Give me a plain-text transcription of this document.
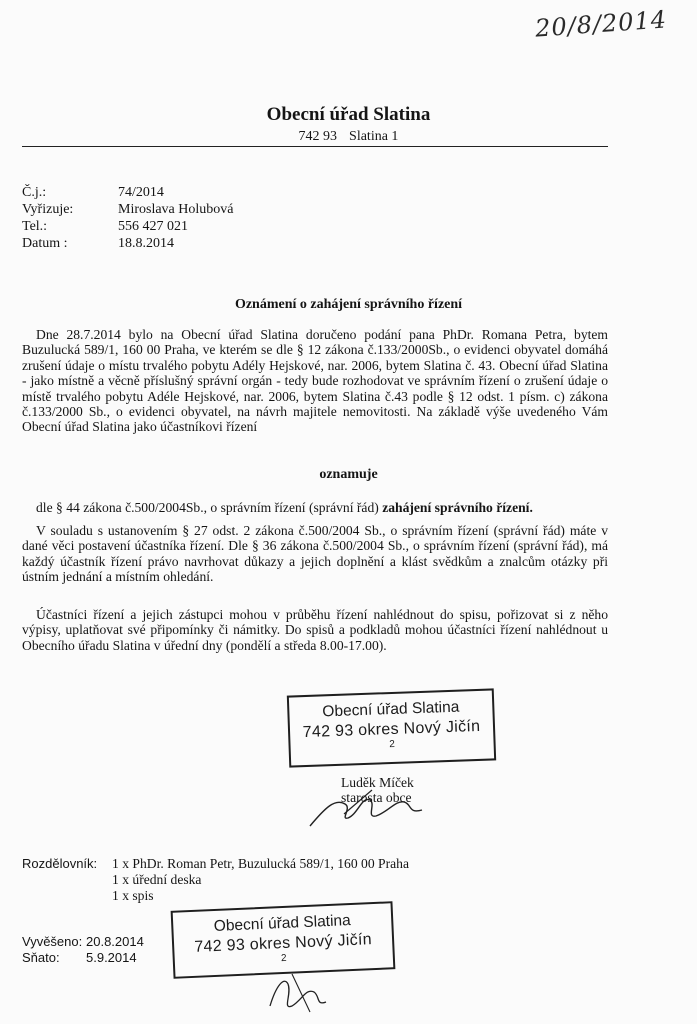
20/8/2014
Obecní úřad Slatina
742 93 Slatina 1
Č.j.:	74/2014
Vyřizuje:	Miroslava Holubová
Tel.:	556 427 021
Datum :	18.8.2014
Oznámení o zahájení správního řízení
Dne 28.7.2014 bylo na Obecní úřad Slatina doručeno podání pana PhDr. Romana Petra, bytem Buzulucká 589/1, 160 00 Praha, ve kterém se dle § 12 zákona č.133/2000Sb., o evidenci obyvatel domáhá zrušení údaje o místu trvalého pobytu Adély Hejskové, nar. 2006, bytem Slatina č. 43. Obecní úřad Slatina - jako místně a věcně příslušný správní orgán - tedy bude rozhodovat ve správním řízení o zrušení údaje o místě trvalého pobytu Adéle Hejskové, nar. 2006, bytem Slatina č.43 podle § 12 odst. 1 písm. c) zákona č.133/2000 Sb., o evidenci obyvatel, na návrh majitele nemovitosti. Na základě výše uvedeného Vám Obecní úřad Slatina jako účastníkovi řízení
oznamuje
dle § 44 zákona č.500/2004Sb., o správním řízení (správní řád) zahájení správního řízení.
V souladu s ustanovením § 27 odst. 2 zákona č.500/2004 Sb., o správním řízení (správní řád) máte v dané věci postavení účastníka řízení. Dle § 36 zákona č.500/2004 Sb., o správním řízení (správní řád), má každý účastník řízení právo navrhovat důkazy a jejich doplnění a klást svědkům a znalcům otázky při ústním jednání a místním ohledání.
Účastníci řízení a jejich zástupci mohou v průběhu řízení nahlédnout do spisu, pořizovat si z něho výpisy, uplatňovat své připomínky či námitky. Do spisů a podkladů mohou účastníci řízení nahlédnout u Obecního úřadu Slatina v úřední dny (pondělí a středa 8.00-17.00).
Obecní úřad Slatina
742 93 okres Nový Jičín
2
Luděk Míček
starosta obce
Rozdělovník:	1 x PhDr. Roman Petr, Buzulucká 589/1, 160 00 Praha
1 x úřední deska
1 x spis
Vyvěšeno: 20.8.2014
Sňato:	5.9.2014
Obecní úřad Slatina
742 93 okres Nový Jičín
2
